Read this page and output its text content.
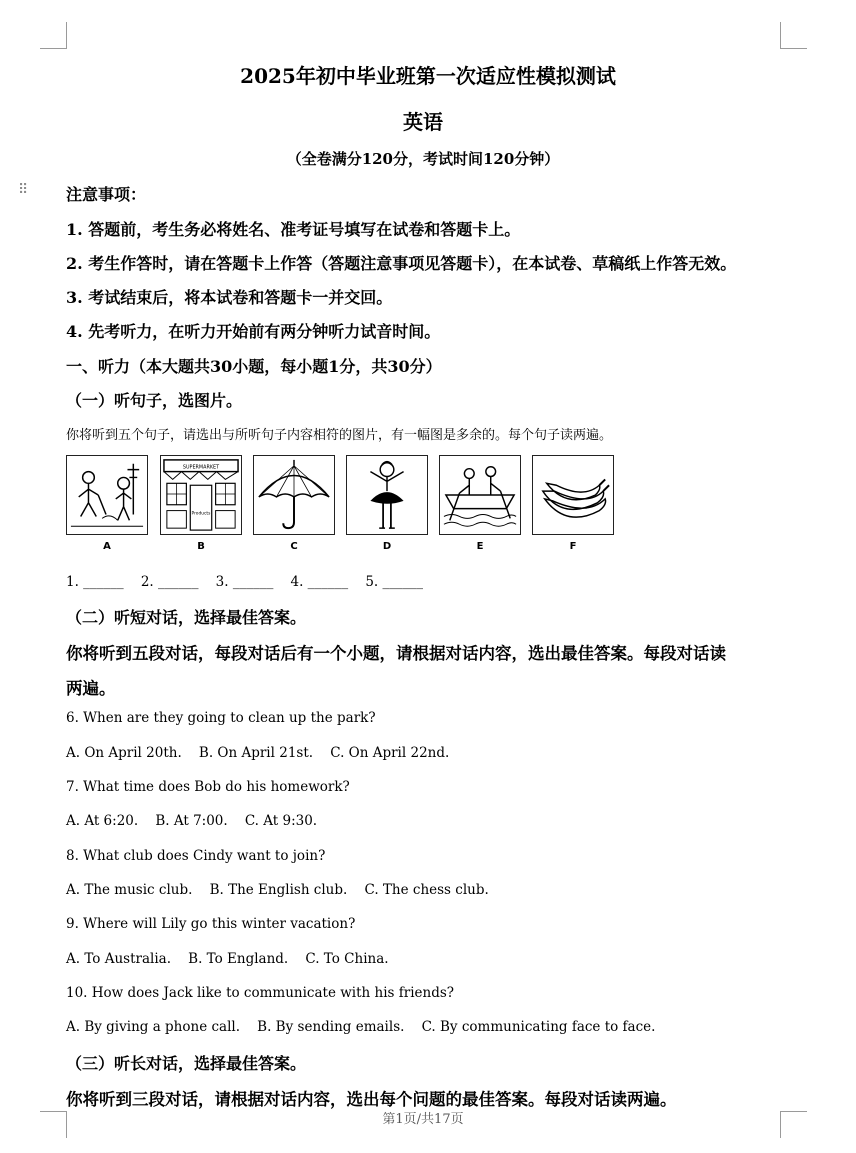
⠿
2025年初中毕业班第一次适应性模拟测试
英语
（全卷满分120分，考试时间120分钟）
注意事项：
1. 答题前，考生务必将姓名、准考证号填写在试卷和答题卡上。
2. 考生作答时，请在答题卡上作答（答题注意事项见答题卡），在本试卷、草稿纸上作答无效。
3. 考试结束后，将本试卷和答题卡一并交回。
4. 先考听力，在听力开始前有两分钟听力试音时间。
一、听力（本大题共30小题，每小题1分，共30分）
（一）听句子，选图片。
你将听到五个句子，请选出与所听句子内容相符的图片，有一幅图是多余的。每个句子读两遍。
A
SUPERMARKET
Products
B	C	D	E	F
1. ______    2. ______    3. ______    4. ______    5. ______
（二）听短对话，选择最佳答案。
你将听到五段对话，每段对话后有一个小题，请根据对话内容，选出最佳答案。每段对话读
两遍。
6. When are they going to clean up the park?
A. On April 20th.    B. On April 21st.    C. On April 22nd.
7. What time does Bob do his homework?
A. At 6:20.    B. At 7:00.    C. At 9:30.
8. What club does Cindy want to join?
A. The music club.    B. The English club.    C. The chess club.
9. Where will Lily go this winter vacation?
A. To Australia.    B. To England.    C. To China.
10. How does Jack like to communicate with his friends?
A. By giving a phone call.    B. By sending emails.    C. By communicating face to face.
（三）听长对话，选择最佳答案。
你将听到三段对话，请根据对话内容，选出每个问题的最佳答案。每段对话读两遍。
第1页/共17页
